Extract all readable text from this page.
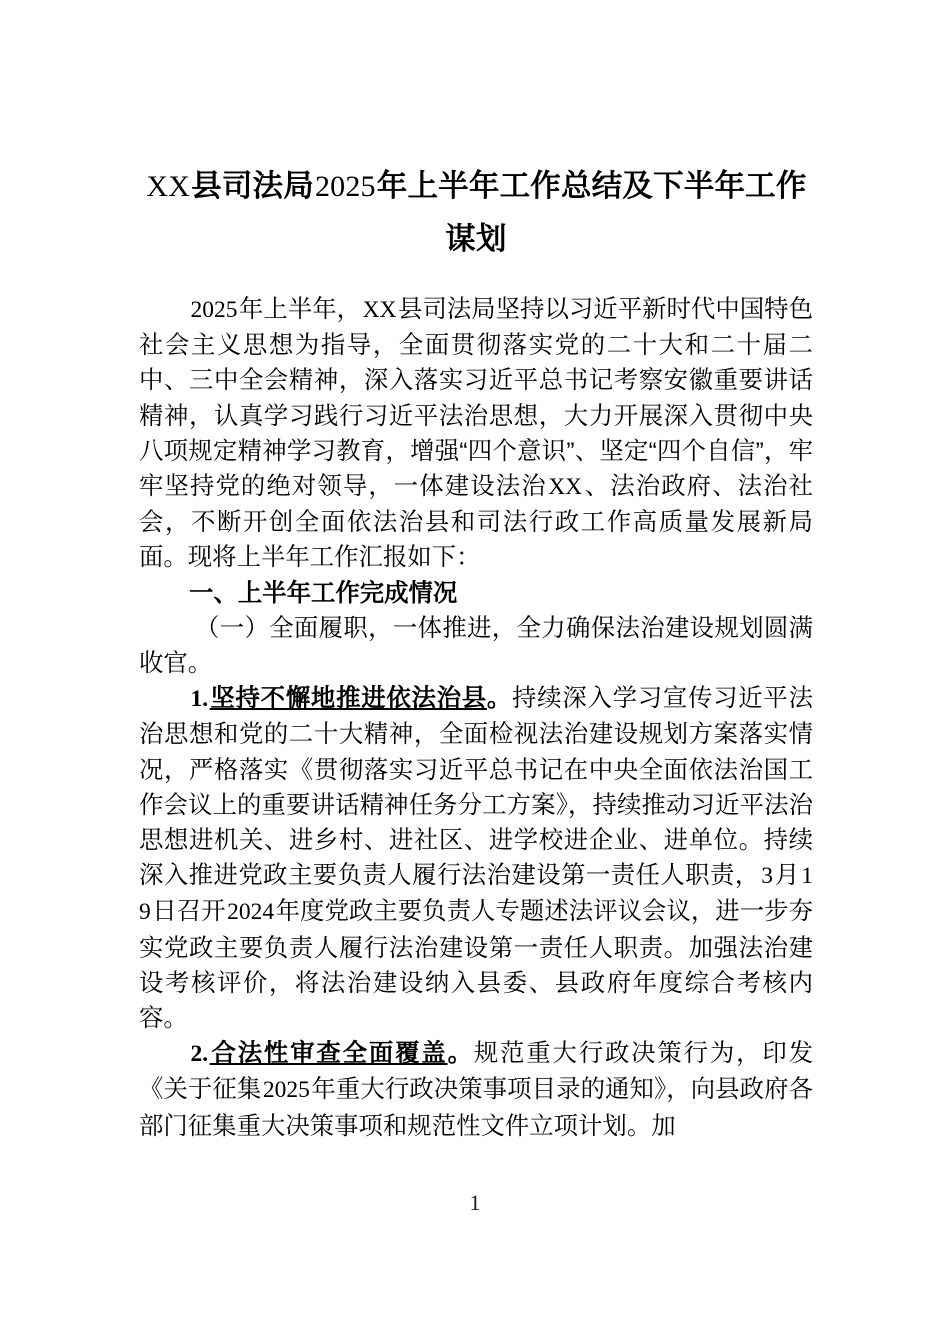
XX县司法局2025年上半年工作总结及下半年工作谋划

2025年上半年，XX县司法局坚持以习近平新时代中国特色社会主义思想为指导，全面贯彻落实党的二十大和二十届二中、三中全会精神，深入落实习近平总书记考察安徽重要讲话精神，认真学习践行习近平法治思想，大力开展深入贯彻中央八项规定精神学习教育，增强“四个意识”、坚定“四个自信”，牢牢坚持党的绝对领导，一体建设法治XX、法治政府、法治社会，不断开创全面依法治县和司法行政工作高质量发展新局面。现将上半年工作汇报如下：

一、上半年工作完成情况

（一）全面履职，一体推进，全力确保法治建设规划圆满收官。

1.坚持不懈地推进依法治县。持续深入学习宣传习近平法治思想和党的二十大精神，全面检视法治建设规划方案落实情况，严格落实《贯彻落实习近平总书记在中央全面依法治国工作会议上的重要讲话精神任务分工方案》，持续推动习近平法治思想进机关、进乡村、进社区、进学校进企业、进单位。持续深入推进党政主要负责人履行法治建设第一责任人职责，3月19日召开2024年度党政主要负责人专题述法评议会议，进一步夯实党政主要负责人履行法治建设第一责任人职责。加强法治建设考核评价，将法治建设纳入县委、县政府年度综合考核内容。

2.合法性审查全面覆盖。规范重大行政决策行为，印发《关于征集2025年重大行政决策事项目录的通知》，向县政府各部门征集重大决策事项和规范性文件立项计划。加

1
